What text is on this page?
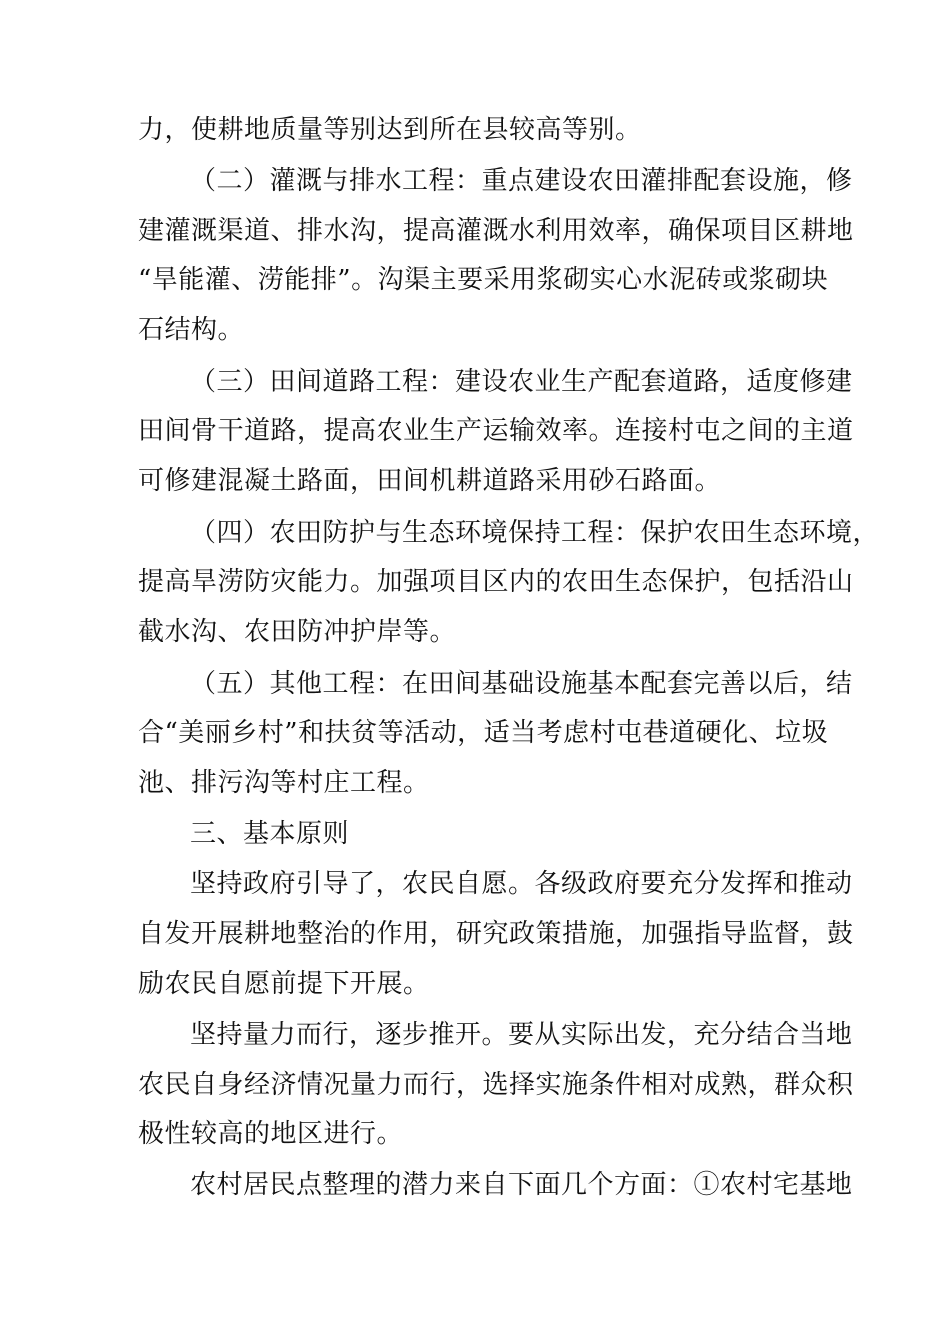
力，使耕地质量等别达到所在县较高等别。
（二）灌溉与排水工程：重点建设农田灌排配套设施，修
建灌溉渠道、排水沟，提高灌溉水利用效率，确保项目区耕地
“旱能灌、涝能排”。沟渠主要采用浆砌实心水泥砖或浆砌块
石结构。
（三）田间道路工程：建设农业生产配套道路，适度修建
田间骨干道路，提高农业生产运输效率。连接村屯之间的主道
可修建混凝土路面，田间机耕道路采用砂石路面。
（四）农田防护与生态环境保持工程：保护农田生态环境，
提高旱涝防灾能力。加强项目区内的农田生态保护，包括沿山
截水沟、农田防冲护岸等。
（五）其他工程：在田间基础设施基本配套完善以后，结
合“美丽乡村”和扶贫等活动，适当考虑村屯巷道硬化、垃圾
池、排污沟等村庄工程。
三、基本原则
坚持政府引导了，农民自愿。各级政府要充分发挥和推动
自发开展耕地整治的作用，研究政策措施，加强指导监督，鼓
励农民自愿前提下开展。
坚持量力而行，逐步推开。要从实际出发，充分结合当地
农民自身经济情况量力而行，选择实施条件相对成熟，群众积
极性较高的地区进行。
农村居民点整理的潜力来自下面几个方面：①农村宅基地
